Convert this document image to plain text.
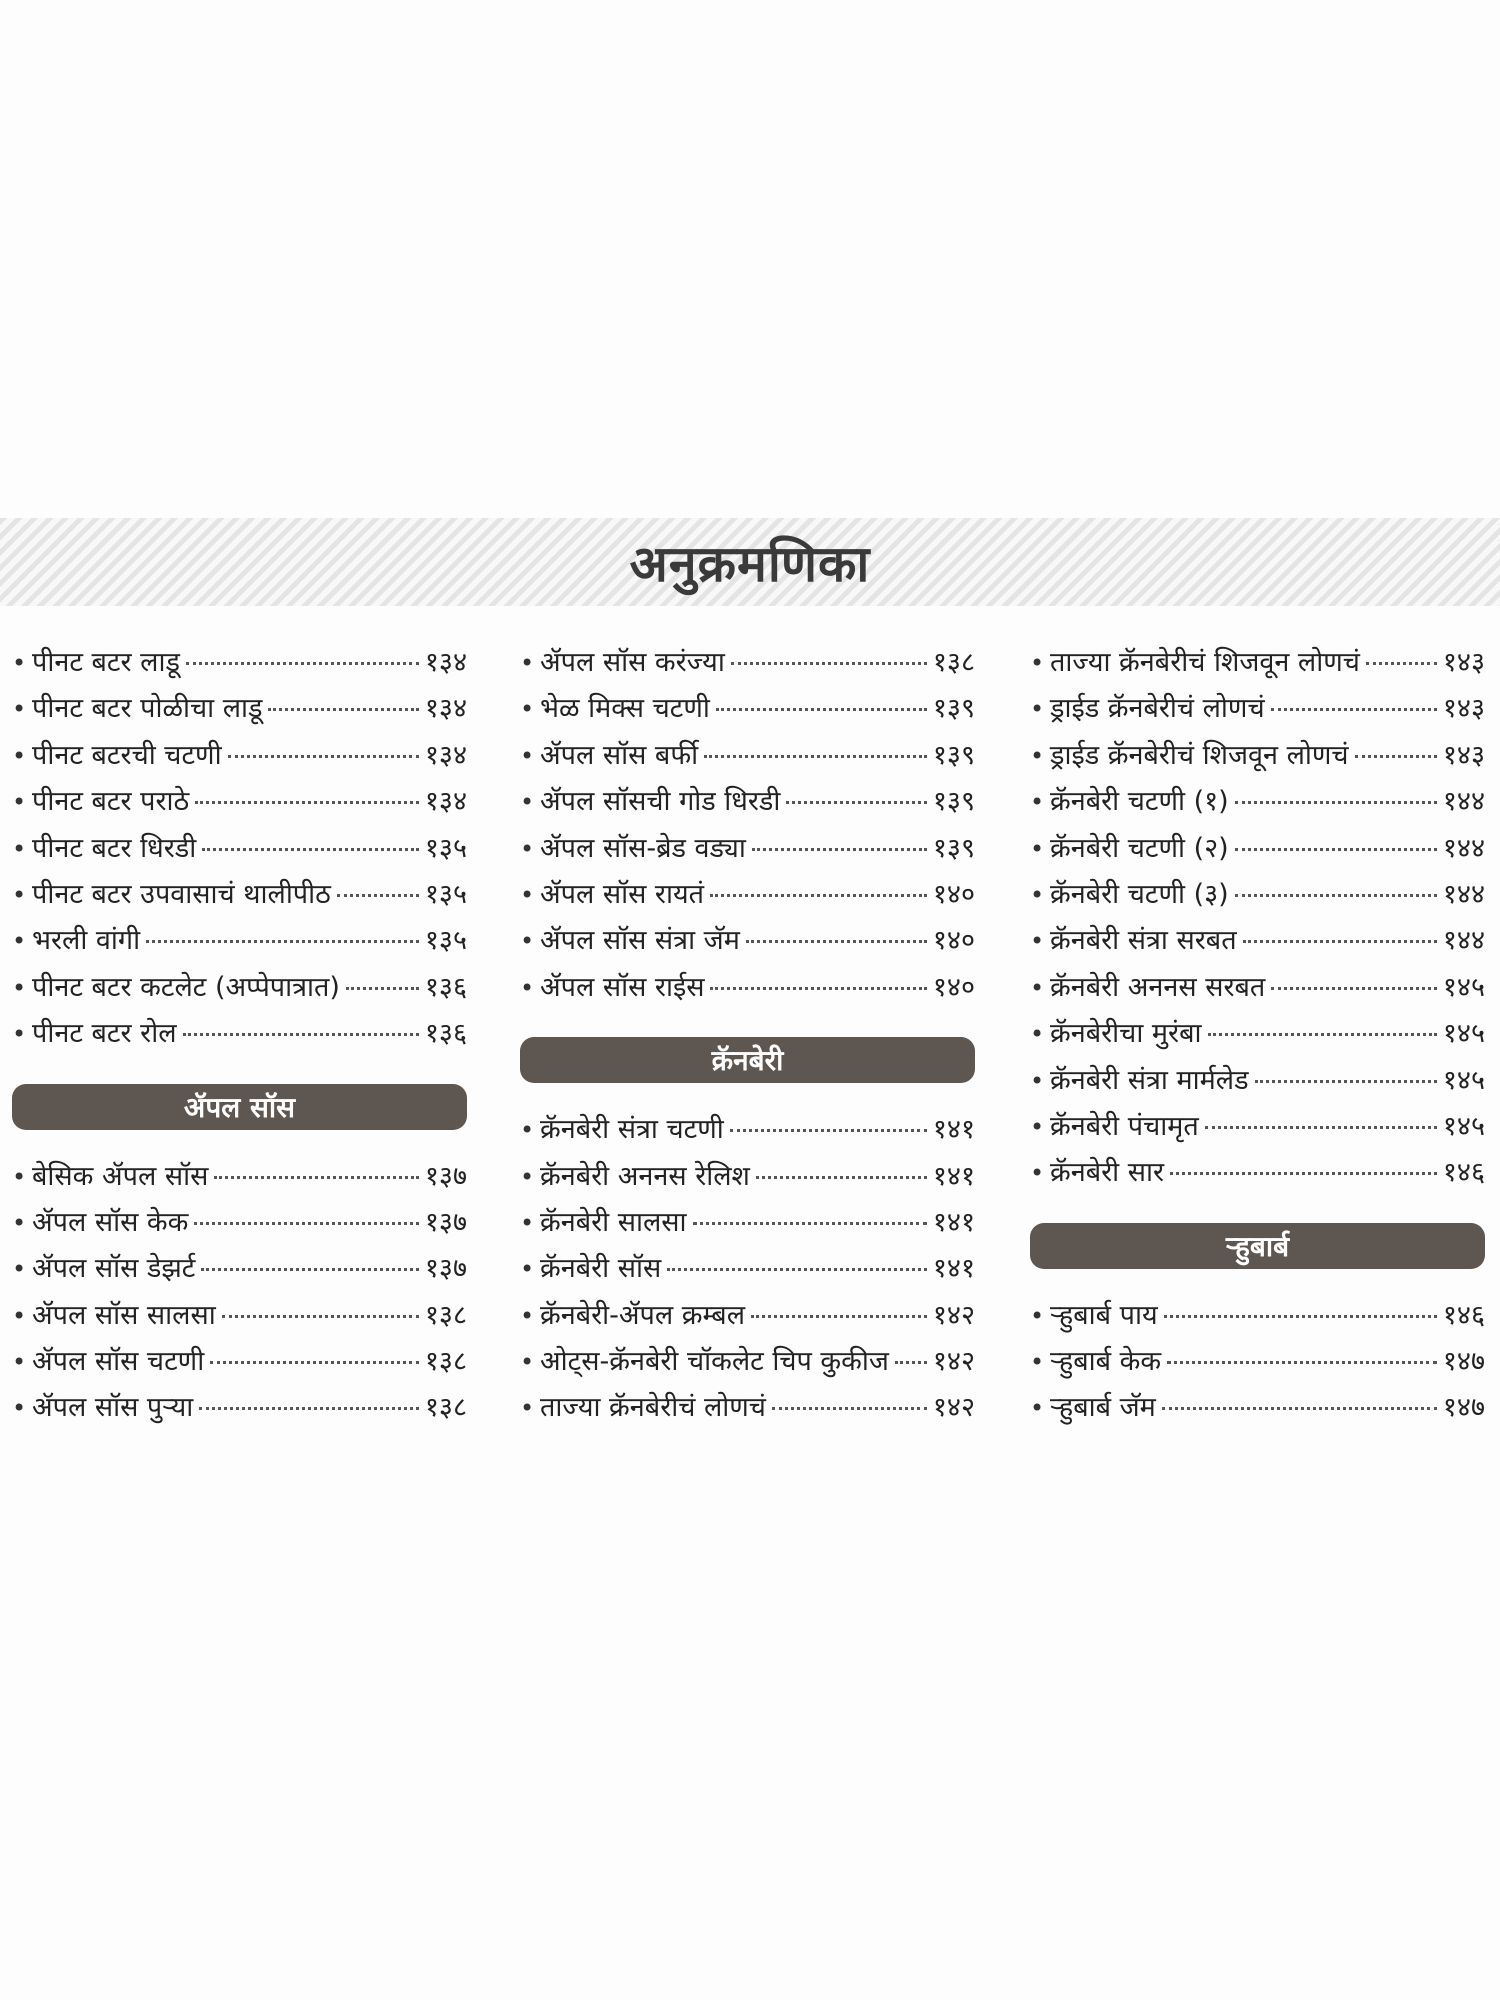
अनुक्रमणिका
• पीनट बटर लाडू	१३४
• पीनट बटर पोळीचा लाडू	१३४
• पीनट बटरची चटणी	१३४
• पीनट बटर पराठे	१३४
• पीनट बटर धिरडी	१३५
• पीनट बटर उपवासाचं थालीपीठ	१३५
• भरली वांगी	१३५
• पीनट बटर कटलेट (अप्पेपात्रात)	१३६
• पीनट बटर रोल	१३६
ॲपल सॉस
• बेसिक ॲपल सॉस	१३७
• ॲपल सॉस केक	१३७
• ॲपल सॉस डेझर्ट	१३७
• ॲपल सॉस सालसा	१३८
• ॲपल सॉस चटणी	१३८
• ॲपल सॉस पुऱ्या	१३८
• ॲपल सॉस करंज्या	१३८
• भेळ मिक्स चटणी	१३९
• ॲपल सॉस बर्फी	१३९
• ॲपल सॉसची गोड धिरडी	१३९
• ॲपल सॉस-ब्रेड वड्या	१३९
• ॲपल सॉस रायतं	१४०
• ॲपल सॉस संत्रा जॅम	१४०
• ॲपल सॉस राईस	१४०
क्रॅनबेरी
• क्रॅनबेरी संत्रा चटणी	१४१
• क्रॅनबेरी अननस रेलिश	१४१
• क्रॅनबेरी सालसा	१४१
• क्रॅनबेरी सॉस	१४१
• क्रॅनबेरी-ॲपल क्रम्बल	१४२
• ओट्स-क्रॅनबेरी चॉकलेट चिप कुकीज १४२
• ताज्या क्रॅनबेरीचं लोणचं	१४२
• ताज्या क्रॅनबेरीचं शिजवून लोणचं	१४३
• ड्राईड क्रॅनबेरीचं लोणचं	१४३
• ड्राईड क्रॅनबेरीचं शिजवून लोणचं	१४३
• क्रॅनबेरी चटणी (१)	१४४
• क्रॅनबेरी चटणी (२)	१४४
• क्रॅनबेरी चटणी (३)	१४४
• क्रॅनबेरी संत्रा सरबत	१४४
• क्रॅनबेरी अननस सरबत	१४५
• क्रॅनबेरीचा मुरंबा	१४५
• क्रॅनबेरी संत्रा मार्मलेड	१४५
• क्रॅनबेरी पंचामृत	१४५
• क्रॅनबेरी सार	१४६
ऱ्हुबार्ब
• ऱ्हुबार्ब पाय	१४६
• ऱ्हुबार्ब केक	१४७
• ऱ्हुबार्ब जॅम	१४७
